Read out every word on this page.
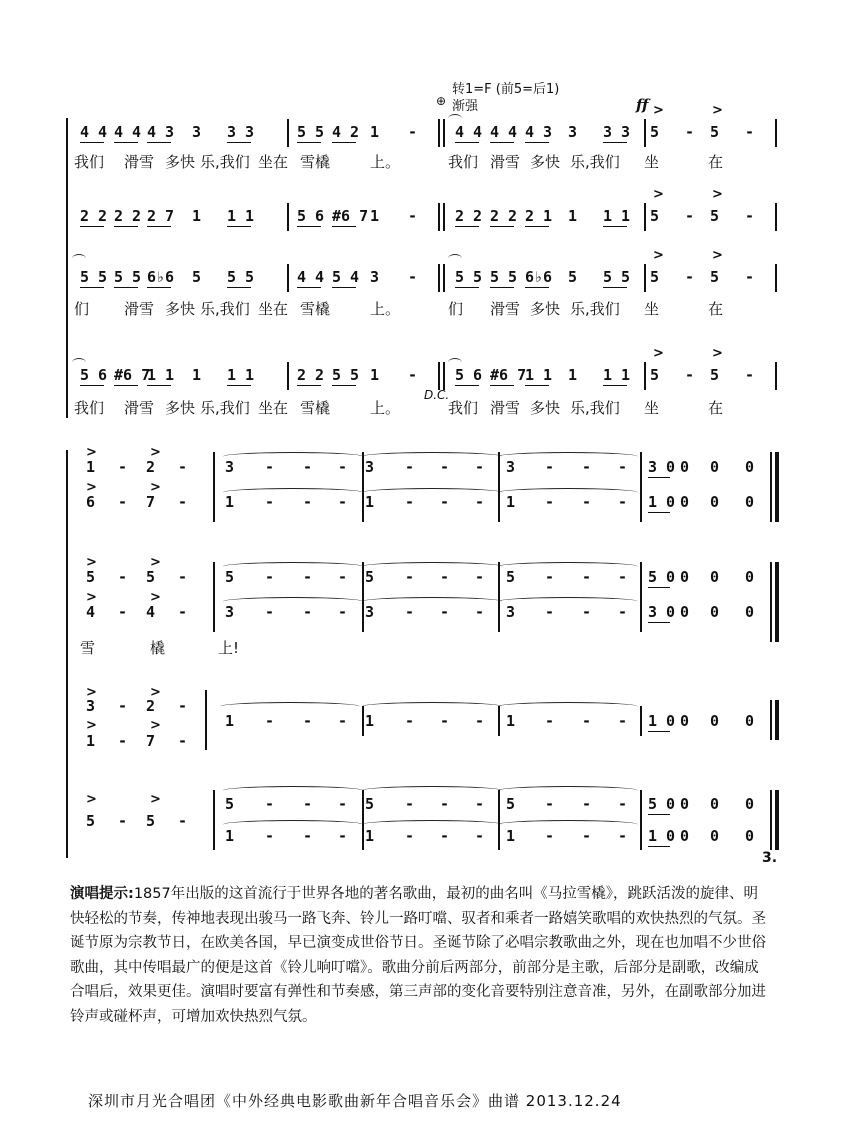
转1=F (前5=后1)
⊕ 渐强	ff
3.
演唱提示:1857年出版的这首流行于世界各地的著名歌曲，最初的曲名叫《马拉雪橇》，跳跃活泼的旋律、明快轻松的节奏，传神地表现出骏马一路飞奔、铃儿一路叮噹、驭者和乘者一路嬉笑歌唱的欢快热烈的气氛。圣诞节原为宗教节日，在欧美各国，早已演变成世俗节日。圣诞节除了必唱宗教歌曲之外，现在也加唱不少世俗歌曲，其中传唱最广的便是这首《铃儿响叮噹》。歌曲分前后两部分，前部分是主歌，后部分是副歌，改编成合唱后，效果更佳。演唱时要富有弹性和节奏感，第三声部的变化音要特别注意音准，另外，在副歌部分加进铃声或碰杯声，可增加欢快热烈气氛。
深圳市月光合唱团《中外经典电影歌曲新年合唱音乐会》曲谱 2013.12.24
4 4 4 4 4 3 3 3 3	5 5 4 2 1 -	4 4 4 4 4 3 3 3 3 5 - 5 -
我们 滑雪 多快 乐,我们 坐在 雪橇	上。	我们 滑雪 多快 乐,我们 坐	在
>	>
2 2 2 2 2 7 1 1 1	5 6 #6 7 1 -	2 2 2 2 2 1 1 1 1 5 - 5 -
>	>
5 5 5 5 6♭6 5 5 5	4 4 5 4 3 -	5 5 5 5 6♭6 5 5 5 5 - 5 -
们 滑雪 多快 乐,我们 坐在 雪橇	上。	们 滑雪 多快 乐,我们 坐	在
>	>
5 6 #6 7
1 1 1 1 1	2 2 5 5 1 -	5 6 #6 7
1 1 1 1 1 5 - 5 -
我们 滑雪 多快 乐,我们 坐在 雪橇	上。	我们 滑雪 多快 乐,我们 坐	在
>	>
D.C.
1 - 2 -	3 - - - 3 - - - 3 - - - 3 0 0 0 0
6 - 7 -	1 - - - 1 - - - 1 - - - 1 0 0 0 0
5 - 5 -	5 - - - 5 - - - 5 - - - 5 0 0 0 0
4 - 4 -	3 - - - 3 - - - 3 - - - 3 0 0 0 0
雪	橇	上!
3 - 2 -
1 - 7 -
1 - - - 1 - - - 1 - - - 1 0 0 0 0
5 - 5 -
5 - - - 5 - - - 5 - - - 5 0 0 0 0
1 - - - 1 - - - 1 - - - 1 0 0 0 0
>	>
>	>
>	>
>	>
>	>
>	>
>	>
